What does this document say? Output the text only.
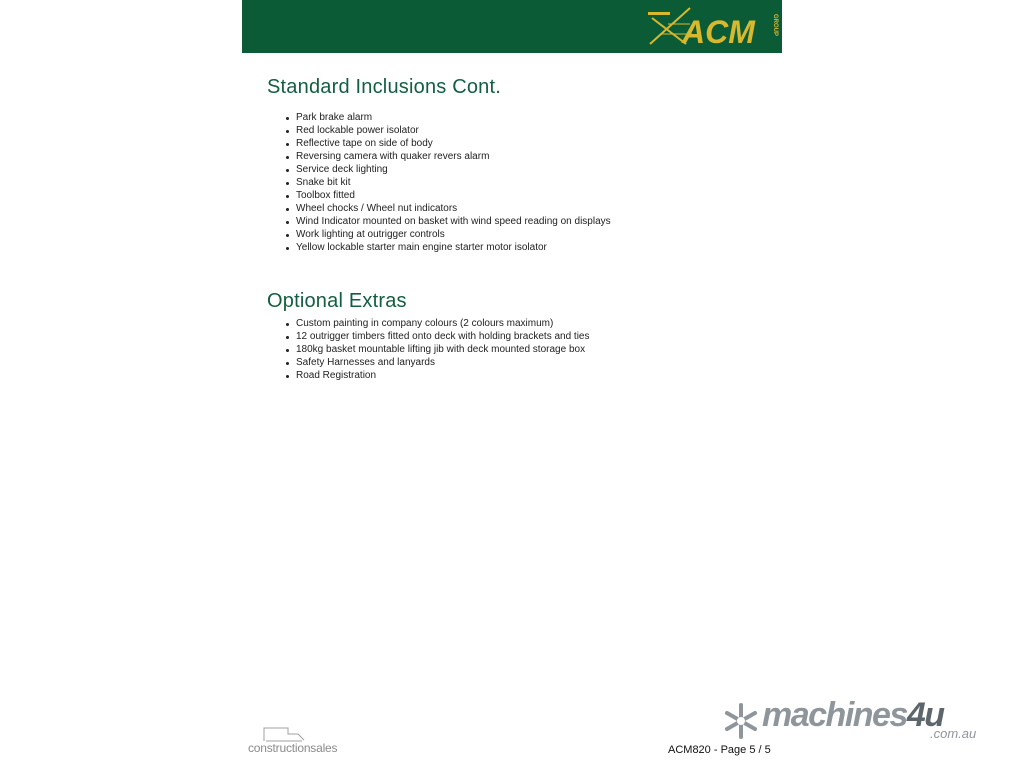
ACM	GROUP
Standard Inclusions Cont.
Park brake alarm
Red lockable power isolator
Reflective tape on side of body
Reversing camera with quaker revers alarm
Service deck lighting
Snake bit kit
Toolbox fitted
Wheel chocks / Wheel nut indicators
Wind Indicator mounted on basket with wind speed reading on displays
Work lighting at outrigger controls
Yellow lockable starter main engine starter motor isolator
Optional Extras
Custom painting in company colours (2 colours maximum)
12 outrigger timbers fitted onto deck with holding brackets and ties
180kg basket mountable lifting jib with deck mounted storage box
Safety Harnesses and lanyards
Road Registration
constructionsales	ACM820 - Page 5 / 5
machines4u
.com.au
